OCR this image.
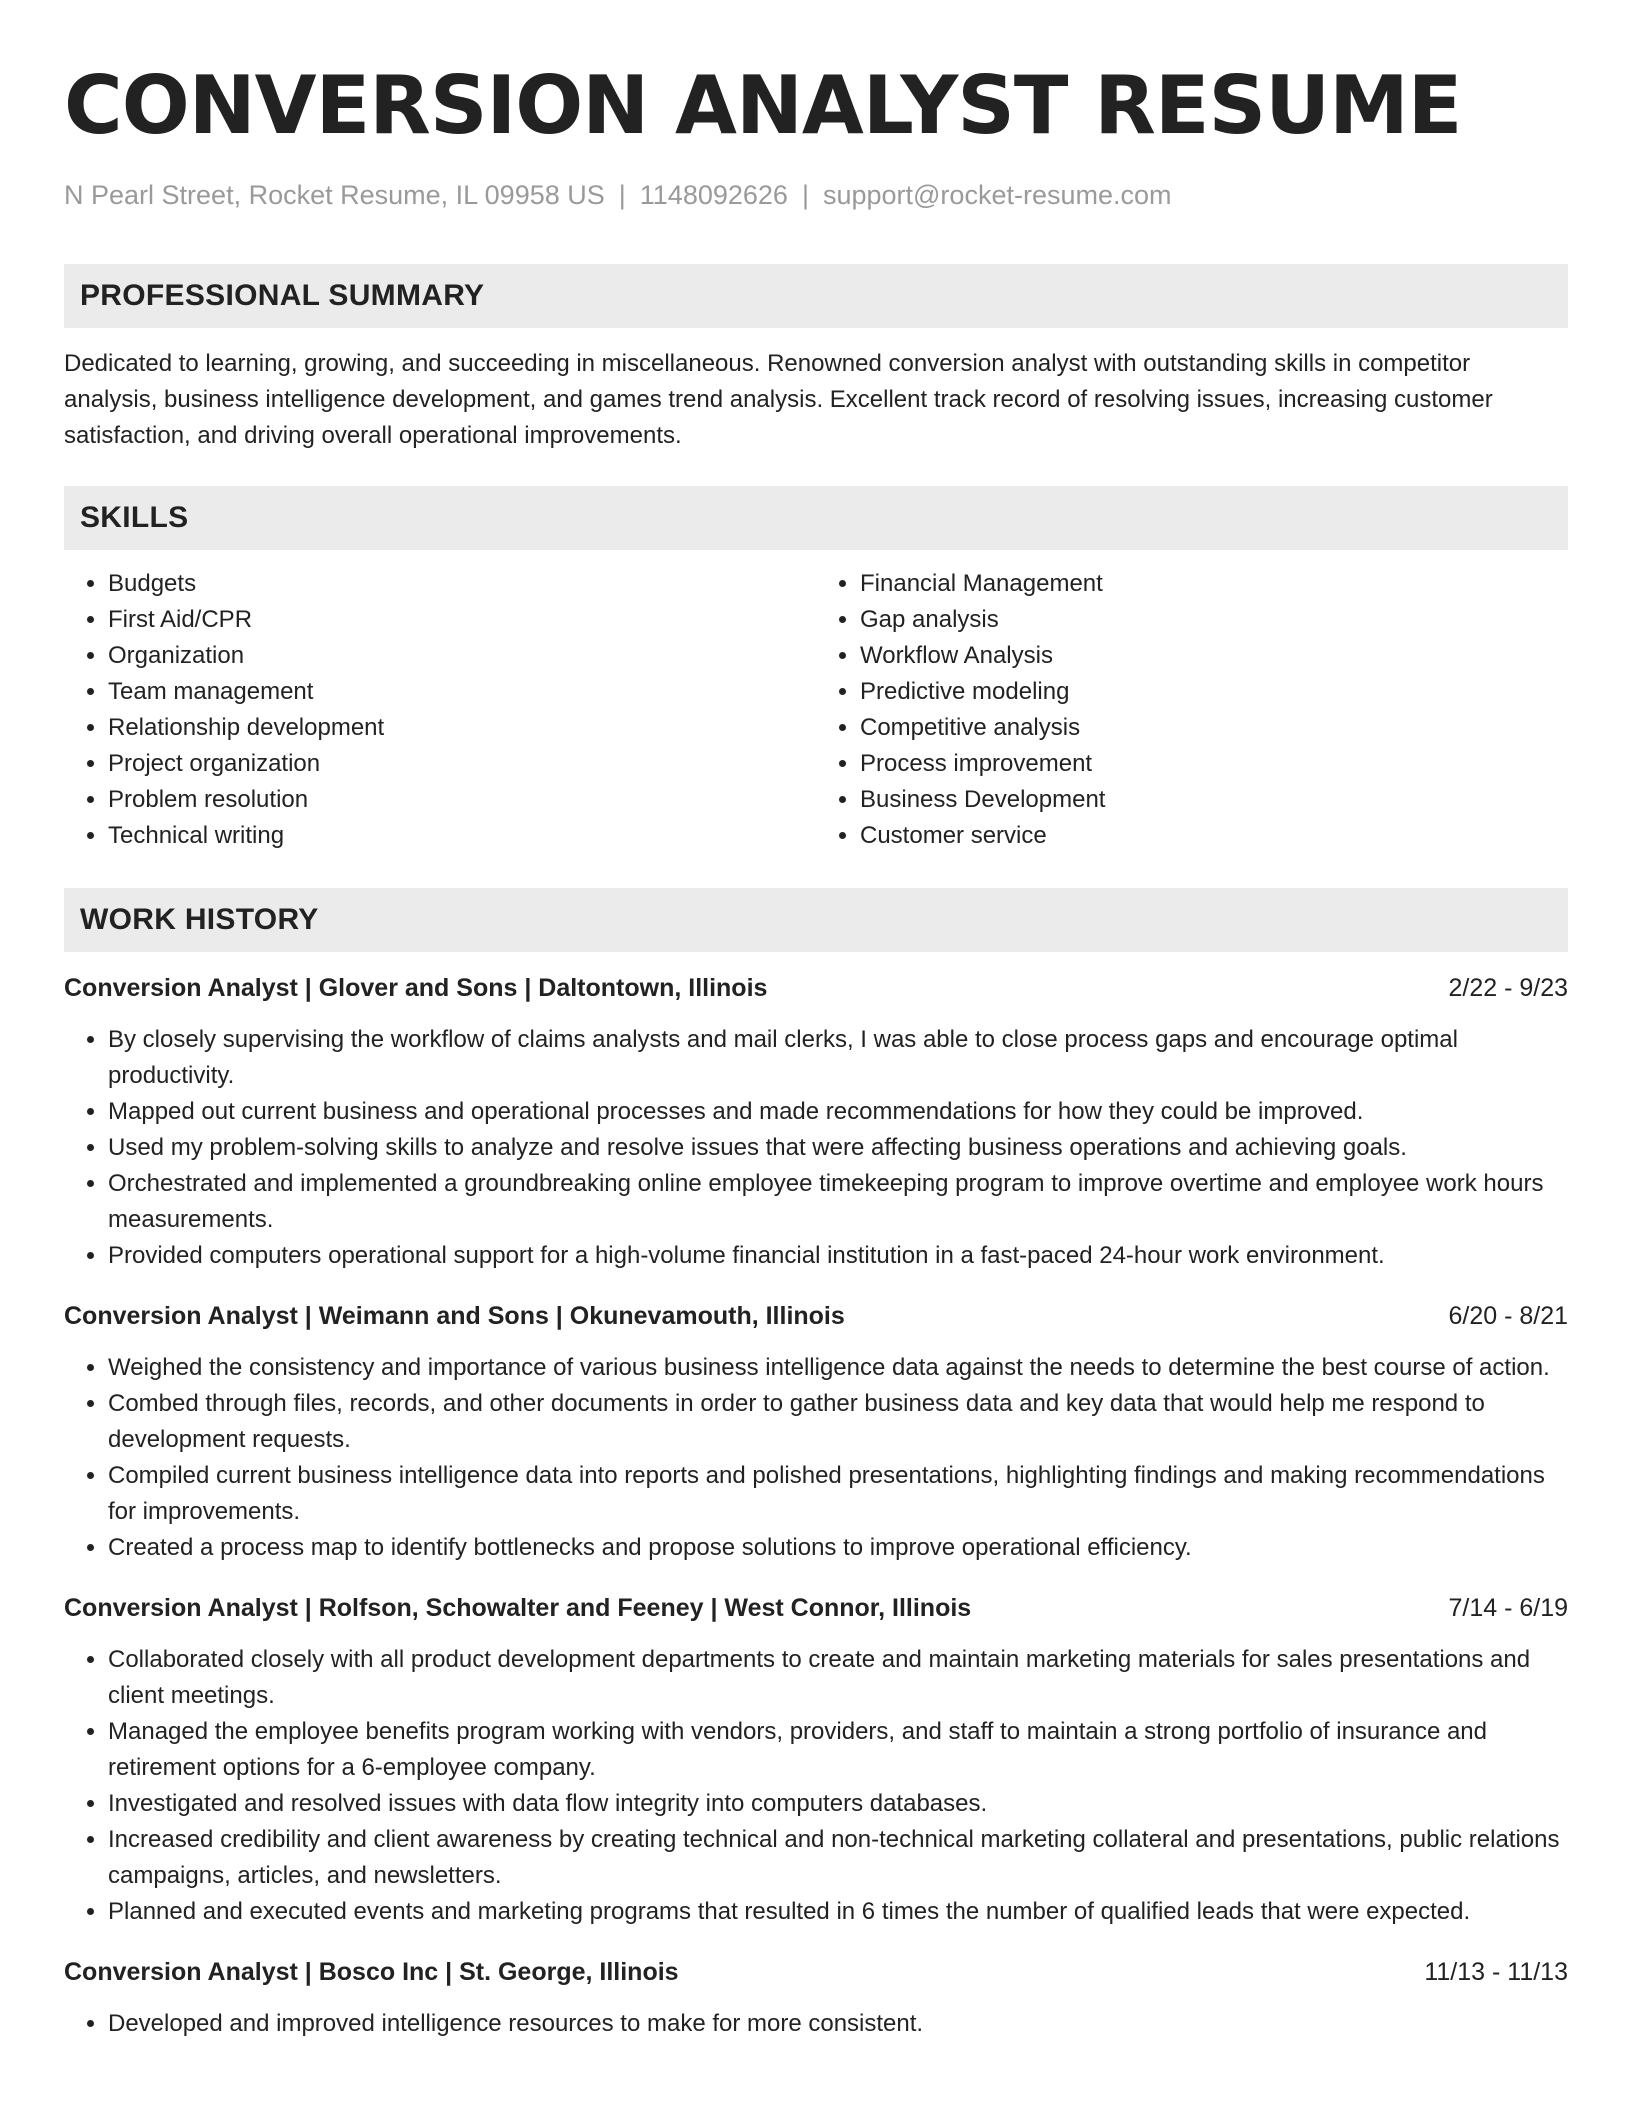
CONVERSION ANALYST RESUME
N Pearl Street, Rocket Resume, IL 09958 US | 1148092626 | support@rocket-resume.com
PROFESSIONAL SUMMARY

Dedicated to learning, growing, and succeeding in miscellaneous. Renowned conversion analyst with outstanding skills in competitor analysis, business intelligence development, and games trend analysis. Excellent track record of resolving issues, increasing customer satisfaction, and driving overall operational improvements.

SKILLS
• Budgets
• First Aid/CPR
• Organization
• Team management
• Relationship development
• Project organization
• Problem resolution
• Technical writing
• Financial Management
• Gap analysis
• Workflow Analysis
• Predictive modeling
• Competitive analysis
• Process improvement
• Business Development
• Customer service
WORK HISTORY
Conversion Analyst | Glover and Sons | Daltontown, Illinois	2/22 - 9/23
• By closely supervising the workflow of claims analysts and mail clerks, I was able to close process gaps and encourage optimal productivity.
• Mapped out current business and operational processes and made recommendations for how they could be improved.
• Used my problem-solving skills to analyze and resolve issues that were affecting business operations and achieving goals.
• Orchestrated and implemented a groundbreaking online employee timekeeping program to improve overtime and employee work hours measurements.
• Provided computers operational support for a high-volume financial institution in a fast-paced 24-hour work environment.
Conversion Analyst | Weimann and Sons | Okunevamouth, Illinois	6/20 - 8/21
• Weighed the consistency and importance of various business intelligence data against the needs to determine the best course of action.
• Combed through files, records, and other documents in order to gather business data and key data that would help me respond to development requests.
• Compiled current business intelligence data into reports and polished presentations, highlighting findings and making recommendations for improvements.
• Created a process map to identify bottlenecks and propose solutions to improve operational efficiency.
Conversion Analyst | Rolfson, Schowalter and Feeney | West Connor, Illinois	7/14 - 6/19
• Collaborated closely with all product development departments to create and maintain marketing materials for sales presentations and client meetings.
• Managed the employee benefits program working with vendors, providers, and staff to maintain a strong portfolio of insurance and retirement options for a 6-employee company.
• Investigated and resolved issues with data flow integrity into computers databases.
• Increased credibility and client awareness by creating technical and non-technical marketing collateral and presentations, public relations campaigns, articles, and newsletters.
• Planned and executed events and marketing programs that resulted in 6 times the number of qualified leads that were expected.
Conversion Analyst | Bosco Inc | St. George, Illinois	11/13 - 11/13
• Developed and improved intelligence resources to make for more consistent.
